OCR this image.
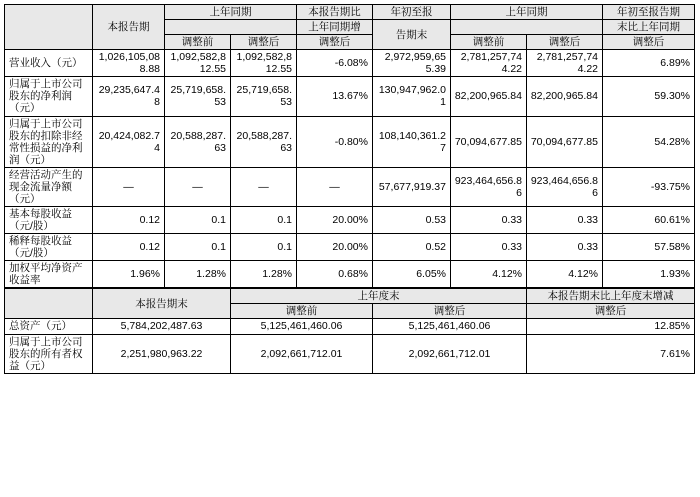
	本报告期	上年同期		本报告期比	年初至报	上年同期		年初至报告期
				上年同期增	告期末			末比上年同期
		调整前	调整后	调整后		调整前	调整后	调整后
营业收入（元）	1,026,105,088.88	1,092,582,812.55	1,092,582,812.55	-6.08%	2,972,959,655.39	2,781,257,744.22	2,781,257,744.22	6.89%
归属于上市公司股东的净利润（元）	29,235,647.48	25,719,658.53	25,719,658.53	13.67%	130,947,962.01	82,200,965.84	82,200,965.84	59.30%
归属于上市公司股东的扣除非经常性损益的净利润（元）	20,424,082.74	20,588,287.63	20,588,287.63	-0.80%	108,140,361.27	70,094,677.85	70,094,677.85	54.28%
经营活动产生的现金流量净额（元）	—	—	—	—	57,677,919.37	923,464,656.86	923,464,656.86	-93.75%
基本每股收益（元/股）	0.12	0.1	0.1	20.00%	0.53	0.33	0.33	60.61%
稀释每股收益（元/股）	0.12	0.1	0.1	20.00%	0.52	0.33	0.33	57.58%
加权平均净资产收益率	1.96%	1.28%	1.28%	0.68%	6.05%	4.12%	4.12%	1.93%
	本报告期末	上年度末		本报告期末比上年度末增减
		调整前	调整后	调整后
总资产（元）	5,784,202,487.63	5,125,461,460.06	5,125,461,460.06	12.85%
归属于上市公司股东的所有者权益（元）	2,251,980,963.22	2,092,661,712.01	2,092,661,712.01	7.61%
